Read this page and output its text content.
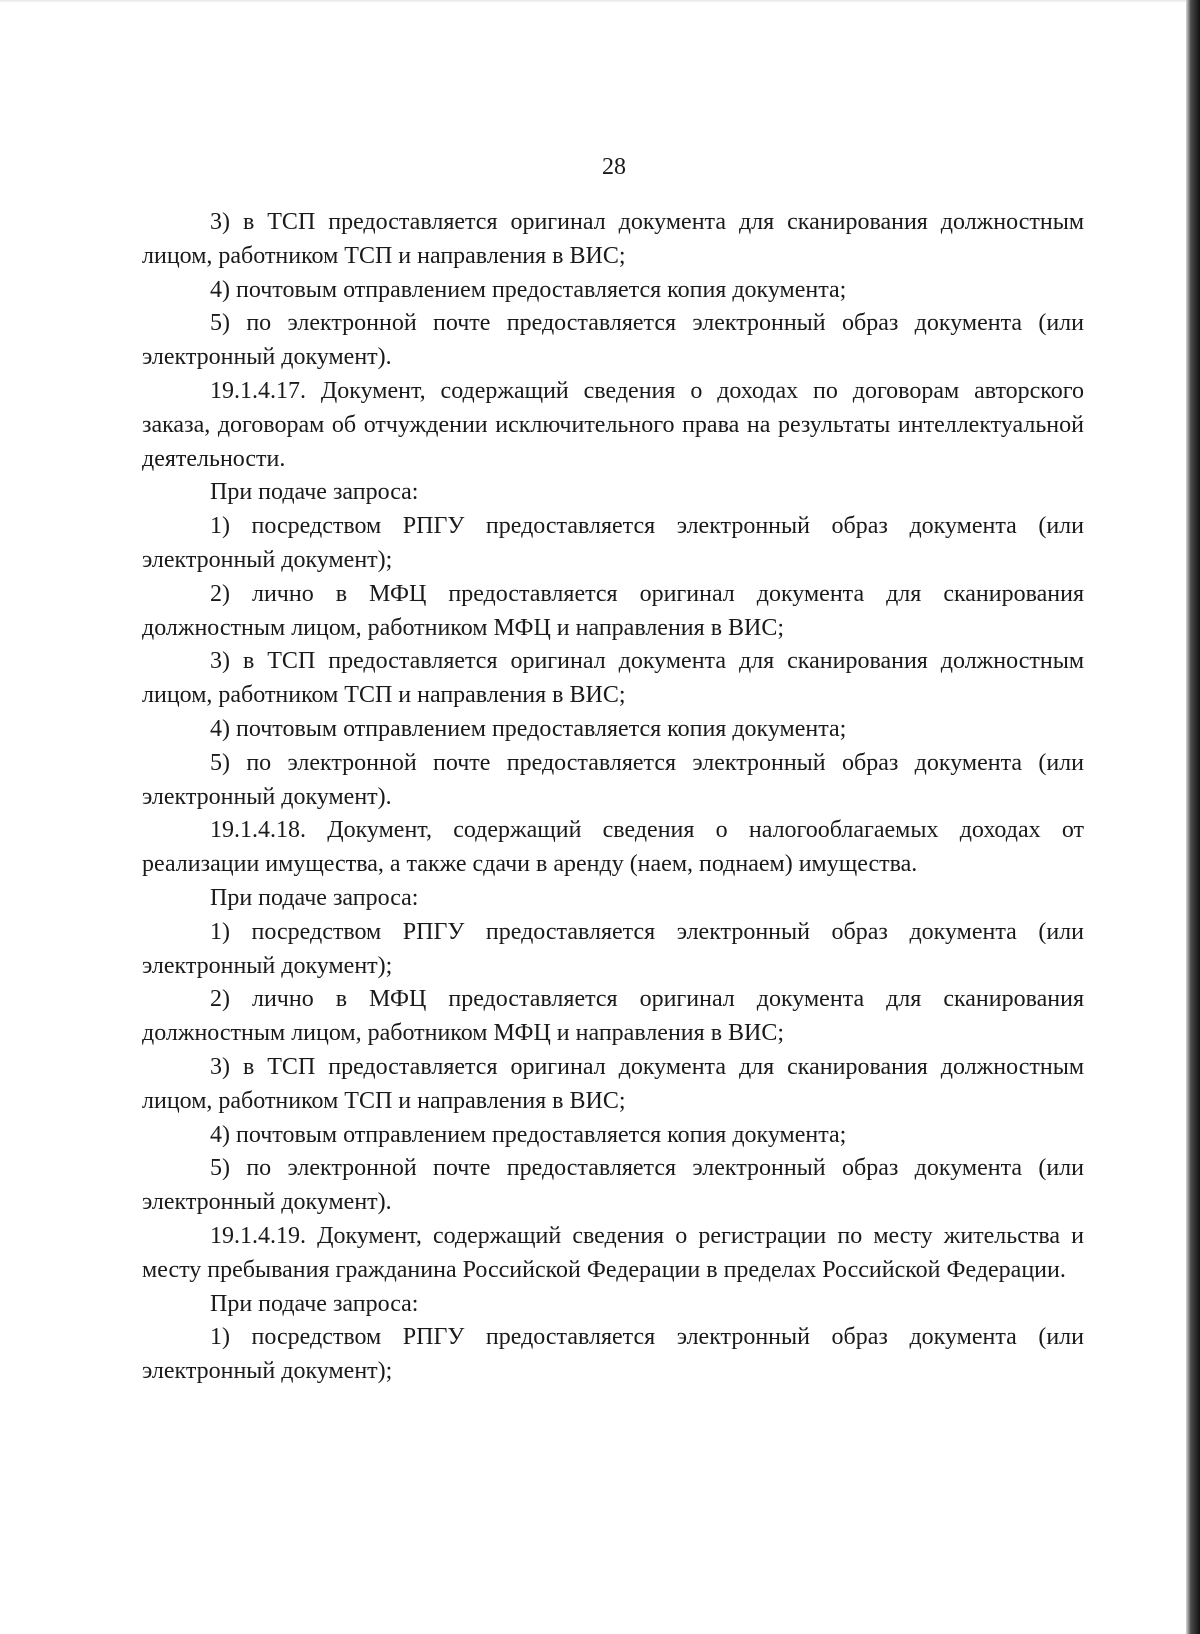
28

3) в ТСП предоставляется оригинал документа для сканирования должностным лицом, работником ТСП и направления в ВИС;

4) почтовым отправлением предоставляется копия документа;

5) по электронной почте предоставляется электронный образ документа (или электронный документ).

19.1.4.17. Документ, содержащий сведения о доходах по договорам авторского заказа, договорам об отчуждении исключительного права на результаты интеллектуальной деятельности.

При подаче запроса:

1) посредством РПГУ предоставляется электронный образ документа (или электронный документ);

2) лично в МФЦ предоставляется оригинал документа для сканирования должностным лицом, работником МФЦ и направления в ВИС;

3) в ТСП предоставляется оригинал документа для сканирования должностным лицом, работником ТСП и направления в ВИС;

4) почтовым отправлением предоставляется копия документа;

5) по электронной почте предоставляется электронный образ документа (или электронный документ).

19.1.4.18. Документ, содержащий сведения о налогооблагаемых доходах от реализации имущества, а также сдачи в аренду (наем, поднаем) имущества.

При подаче запроса:

1) посредством РПГУ предоставляется электронный образ документа (или электронный документ);

2) лично в МФЦ предоставляется оригинал документа для сканирования должностным лицом, работником МФЦ и направления в ВИС;

3) в ТСП предоставляется оригинал документа для сканирования должностным лицом, работником ТСП и направления в ВИС;

4) почтовым отправлением предоставляется копия документа;

5) по электронной почте предоставляется электронный образ документа (или электронный документ).

19.1.4.19. Документ, содержащий сведения о регистрации по месту жительства и месту пребывания гражданина Российской Федерации в пределах Российской Федерации.

При подаче запроса:

1) посредством РПГУ предоставляется электронный образ документа (или электронный документ);
